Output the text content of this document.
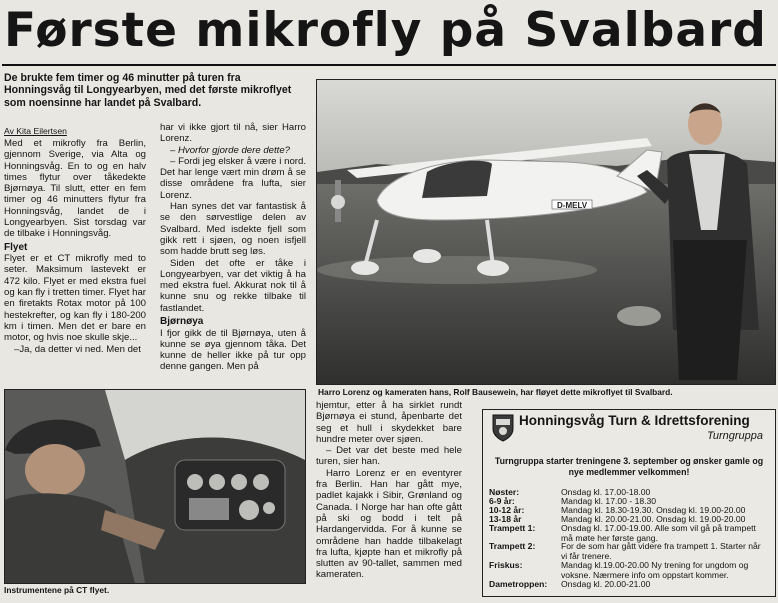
Første mikrofly på Svalbard
De brukte fem timer og 46 minutter på turen fra Honningsvåg til Longyearbyen, med det første mikroflyet som noensinne har landet på Svalbard.
Av Kita Eilertsen

Med et mikrofly fra Berlin, gjennom Sverige, via Alta og Honningsvåg. En to og en halv times flytur over tåkedekte Bjørnøya. Til slutt, etter en fem timer og 46 minutters flytur fra Honningsvåg, landet de i Longyearbyen. Sist torsdag var de tilbake i Honningsvåg.

Flyet

Flyet er et CT mikrofly med to seter. Maksimum lastevekt er 472 kilo. Flyet er med ekstra fuel og kan fly i tretten timer. Flyet har en firetakts Rotax motor på 100 hestekrefter, og kan fly i 180-200 km i timen. Men det er bare en motor, og hvis noe skulle skje...

–Ja, da detter vi ned. Men det

har vi ikke gjort til nå, sier Harro Lorenz.

– Hvorfor gjorde dere dette?

– Fordi jeg elsker å være i nord. Det har lenge vært min drøm å se disse områdene fra lufta, sier Lorenz.

Han synes det var fantastisk å se den sørvestlige delen av Svalbard. Med isdekte fjell som gikk rett i sjøen, og noen isfjell som hadde brutt seg løs.

Siden det ofte er tåke i Longyearbyen, var det viktig å ha med ekstra fuel. Akkurat nok til å kunne snu og rekke tilbake til fastlandet.

Bjørnøya

I fjor gikk de til Bjørnøya, uten å kunne se øya gjennom tåka. Det kunne de heller ikke på tur opp denne gangen. Men på

D-MELV
Harro Lorenz og kameraten hans, Rolf Bausewein, har fløyet dette mikroflyet til Svalbard.
Instrumentene på CT flyet.

hjemtur, etter å ha sirklet rundt Bjørnøya ei stund, åpenbarte det seg et hull i skydekket bare hundre meter over sjøen.

– Det var det beste med hele turen, sier han.

Harro Lorenz er en eventyrer fra Berlin. Han har gått mye, padlet kajakk i Sibir, Grønland og Canada. I Norge har han ofte gått på ski og bodd i telt på Hardangervidda. For å kunne se områdene han hadde tilbakelagt fra lufta, kjøpte han et mikrofly på slutten av 90-tallet, sammen med kameraten.

Honningsvåg Turn & Idrettsforening
Turngruppa
Turngruppa starter treningene 3. september og ønsker gamle og nye medlemmer velkommen!
Nøster:	Onsdag kl. 17.00-18.00
6-9 år:	Mandag kl. 17.00 - 18.30
10-12 år:	Mandag kl. 18.30-19.30. Onsdag kl. 19.00-20.00
13-18 år	Mandag kl. 20.00-21.00. Onsdag kl. 19.00-20.00
Trampett 1:	Onsdag kl. 17.00-19.00. Alle som vil gå på trampett må møte her første gang.
Trampett 2:	For de som har gått videre fra trampett 1. Starter når vi får trenere.
Friskus:	Mandag kl.19.00-20.00 Ny trening for ungdom og voksne. Nærmere info om oppstart kommer.
Dametroppen:	Onsdag kl. 20.00-21.00
